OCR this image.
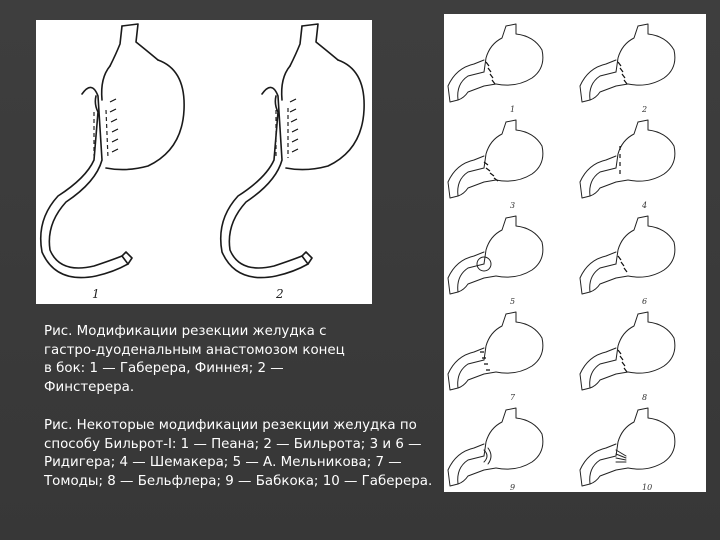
1	2
1	2
3	4
5	6
7	8
9	10
Рис. Модификации резекции желудка с гастро-дуоденальным анастомозом конец в бок: 1 — Габерера, Финнея; 2 — Финстерера.
Рис. Некоторые модификации резекции желудка по способу Бильрот-I: 1 — Пеана; 2 — Бильрота; 3 и 6 — Ридигера; 4 — Шемакера; 5 — А. Мельникова; 7 — Томоды; 8 — Бельфлера; 9 — Бабкока; 10 — Габерера.
